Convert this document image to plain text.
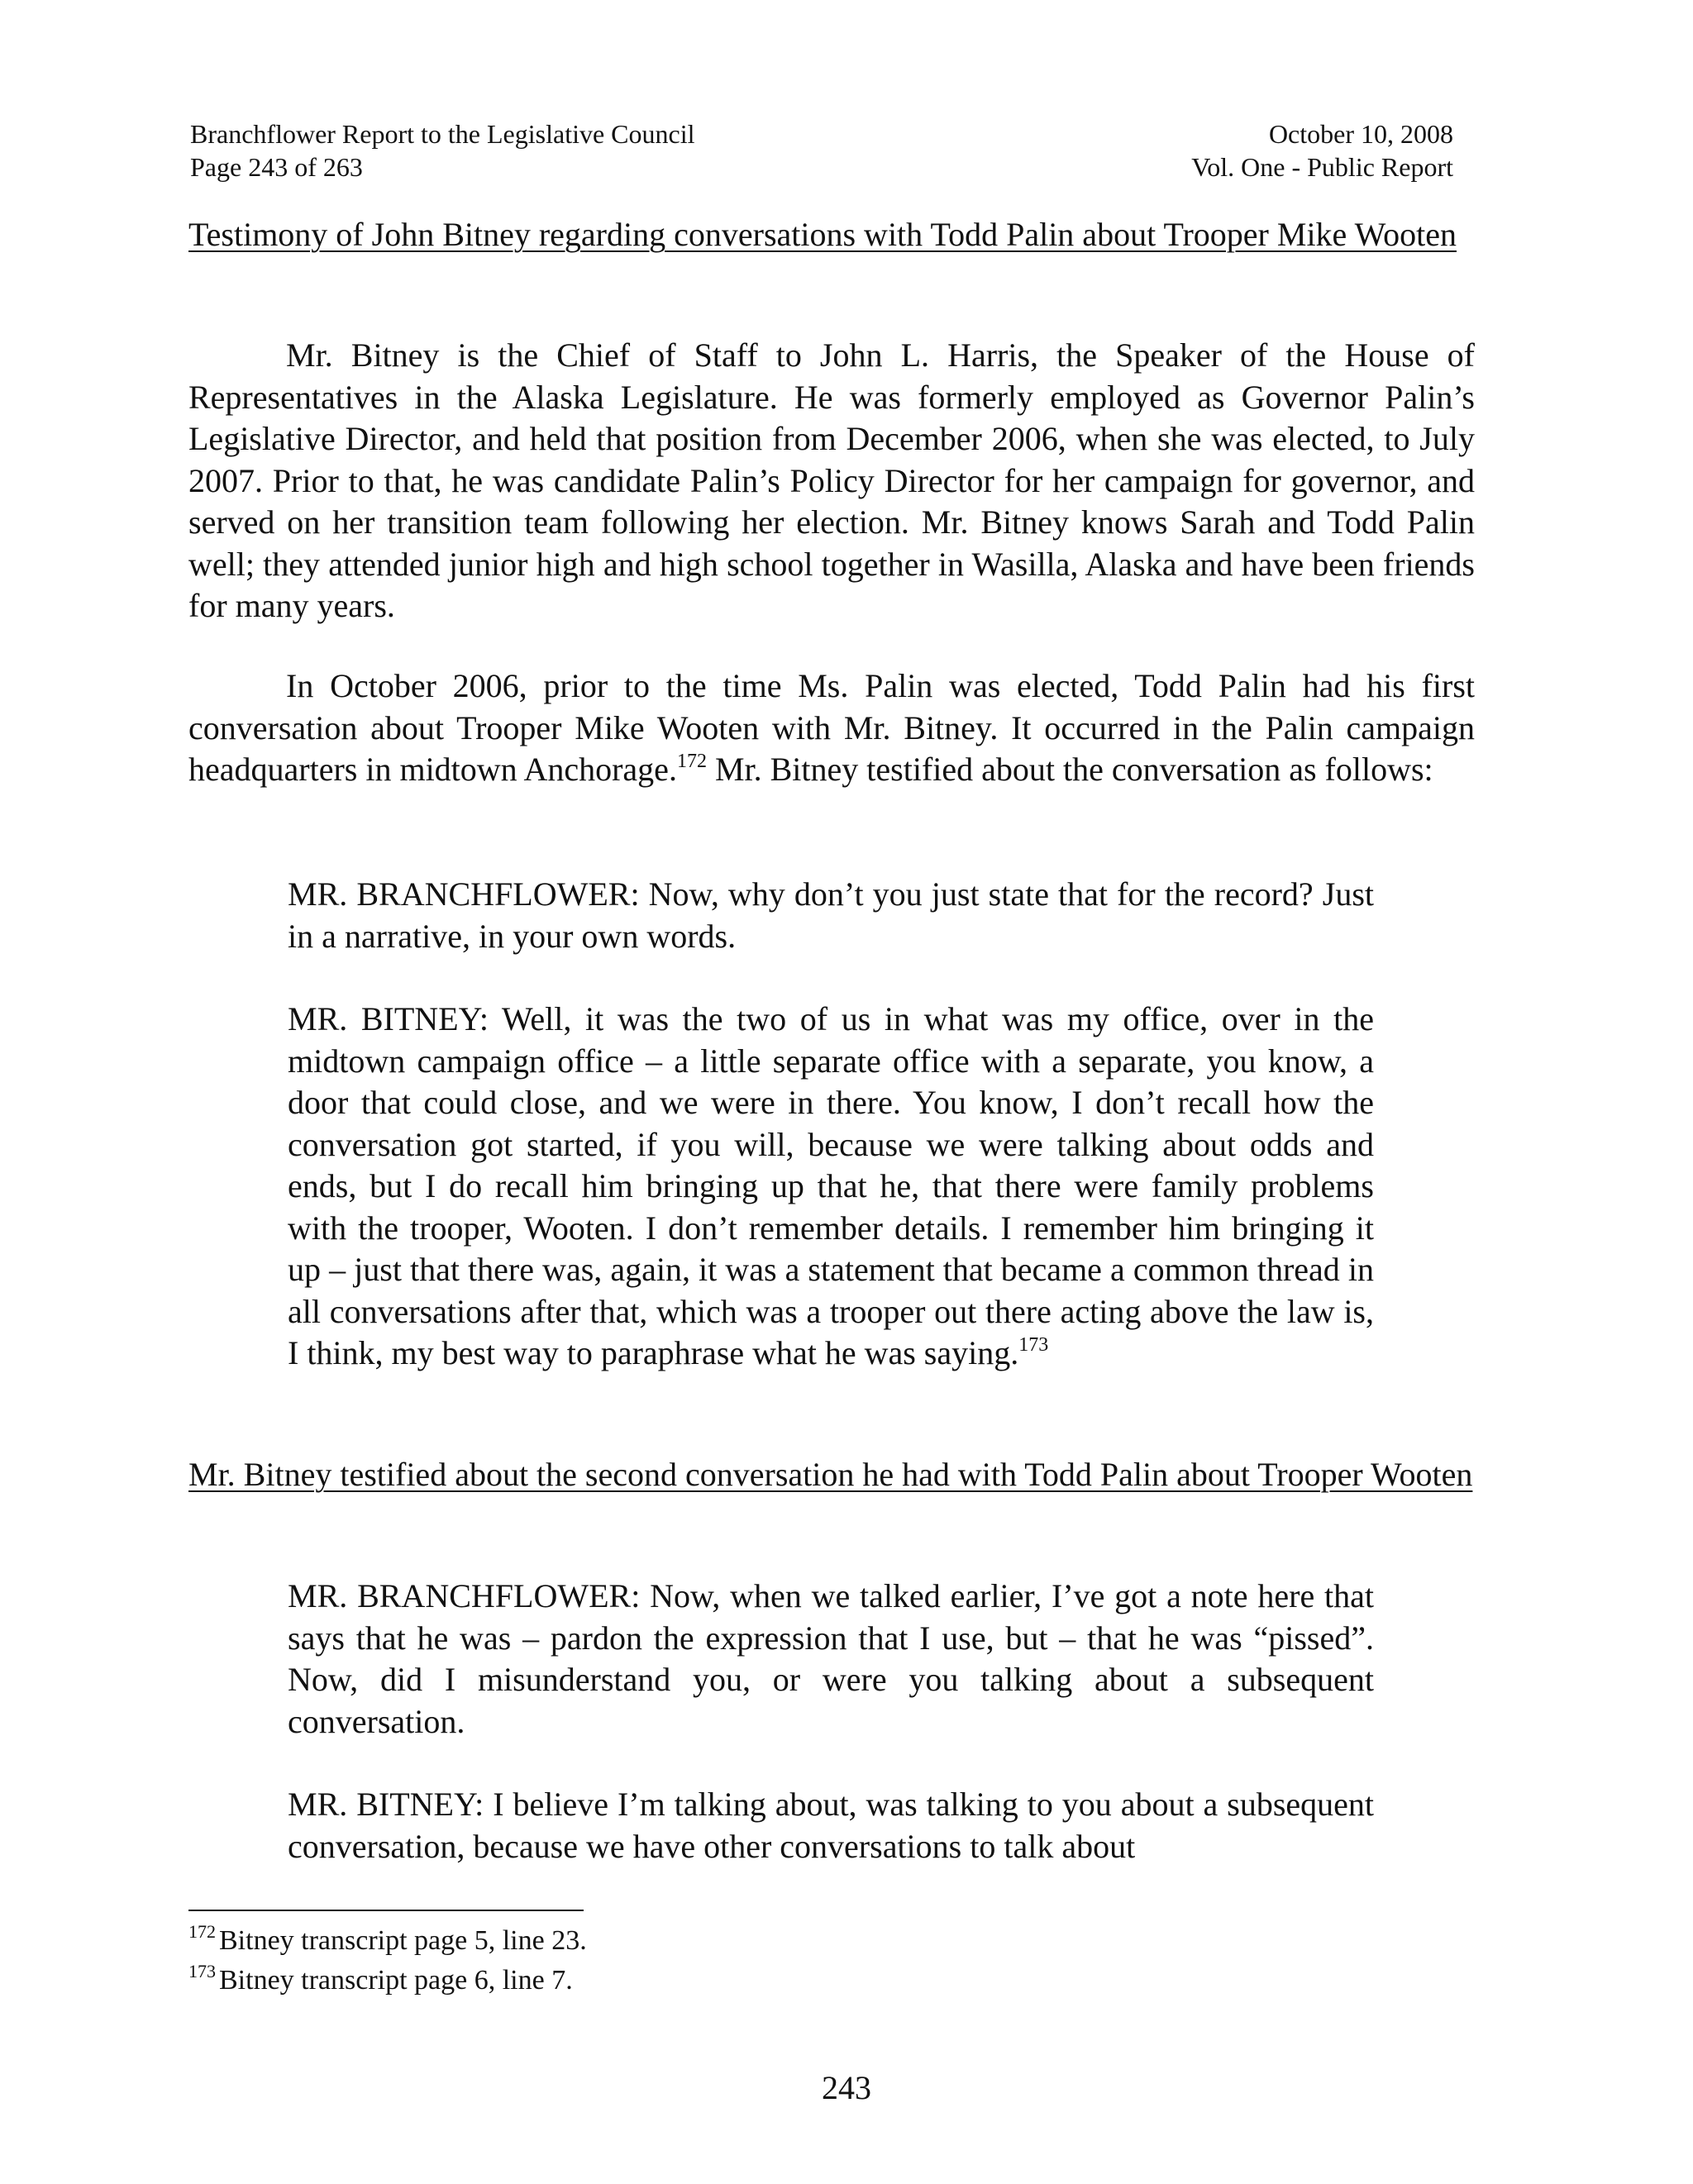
Branchflower Report to the Legislative Council
Page 243 of 263
October 10, 2008
Vol. One - Public Report
Testimony of John Bitney regarding conversations with Todd Palin about Trooper Mike Wooten

Mr. Bitney is the Chief of Staff to John L. Harris, the Speaker of the House of Representatives in the Alaska Legislature. He was formerly employed as Governor Palin’s Legislative Director, and held that position from December 2006, when she was elected, to July 2007. Prior to that, he was candidate Palin’s Policy Director for her campaign for governor, and served on her transition team following her election. Mr. Bitney knows Sarah and Todd Palin well; they attended junior high and high school together in Wasilla, Alaska and have been friends for many years.

In October 2006, prior to the time Ms. Palin was elected, Todd Palin had his first conversation about Trooper Mike Wooten with Mr. Bitney. It occurred in the Palin campaign headquarters in midtown Anchorage.$^{172}$ Mr. Bitney testified about the conversation as follows:

MR. BRANCHFLOWER: Now, why don’t you just state that for the record? Just in a narrative, in your own words.

MR. BITNEY: Well, it was the two of us in what was my office, over in the midtown campaign office – a little separate office with a separate, you know, a door that could close, and we were in there. You know, I don’t recall how the conversation got started, if you will, because we were talking about odds and ends, but I do recall him bringing up that he, that there were family problems with the trooper, Wooten. I don’t remember details. I remember him bringing it up – just that there was, again, it was a statement that became a common thread in all conversations after that, which was a trooper out there acting above the law is, I think, my best way to paraphrase what he was saying.$^{173}$

Mr. Bitney testified about the second conversation he had with Todd Palin about Trooper Wooten

MR. BRANCHFLOWER: Now, when we talked earlier, I’ve got a note here that says that he was – pardon the expression that I use, but – that he was “pissed”. Now, did I misunderstand you, or were you talking about a subsequent conversation.

MR. BITNEY: I believe I’m talking about, was talking to you about a subsequent conversation, because we have other conversations to talk about

$^{172}$ Bitney transcript page 5, line 23.
$^{173}$ Bitney transcript page 6, line 7.
243
